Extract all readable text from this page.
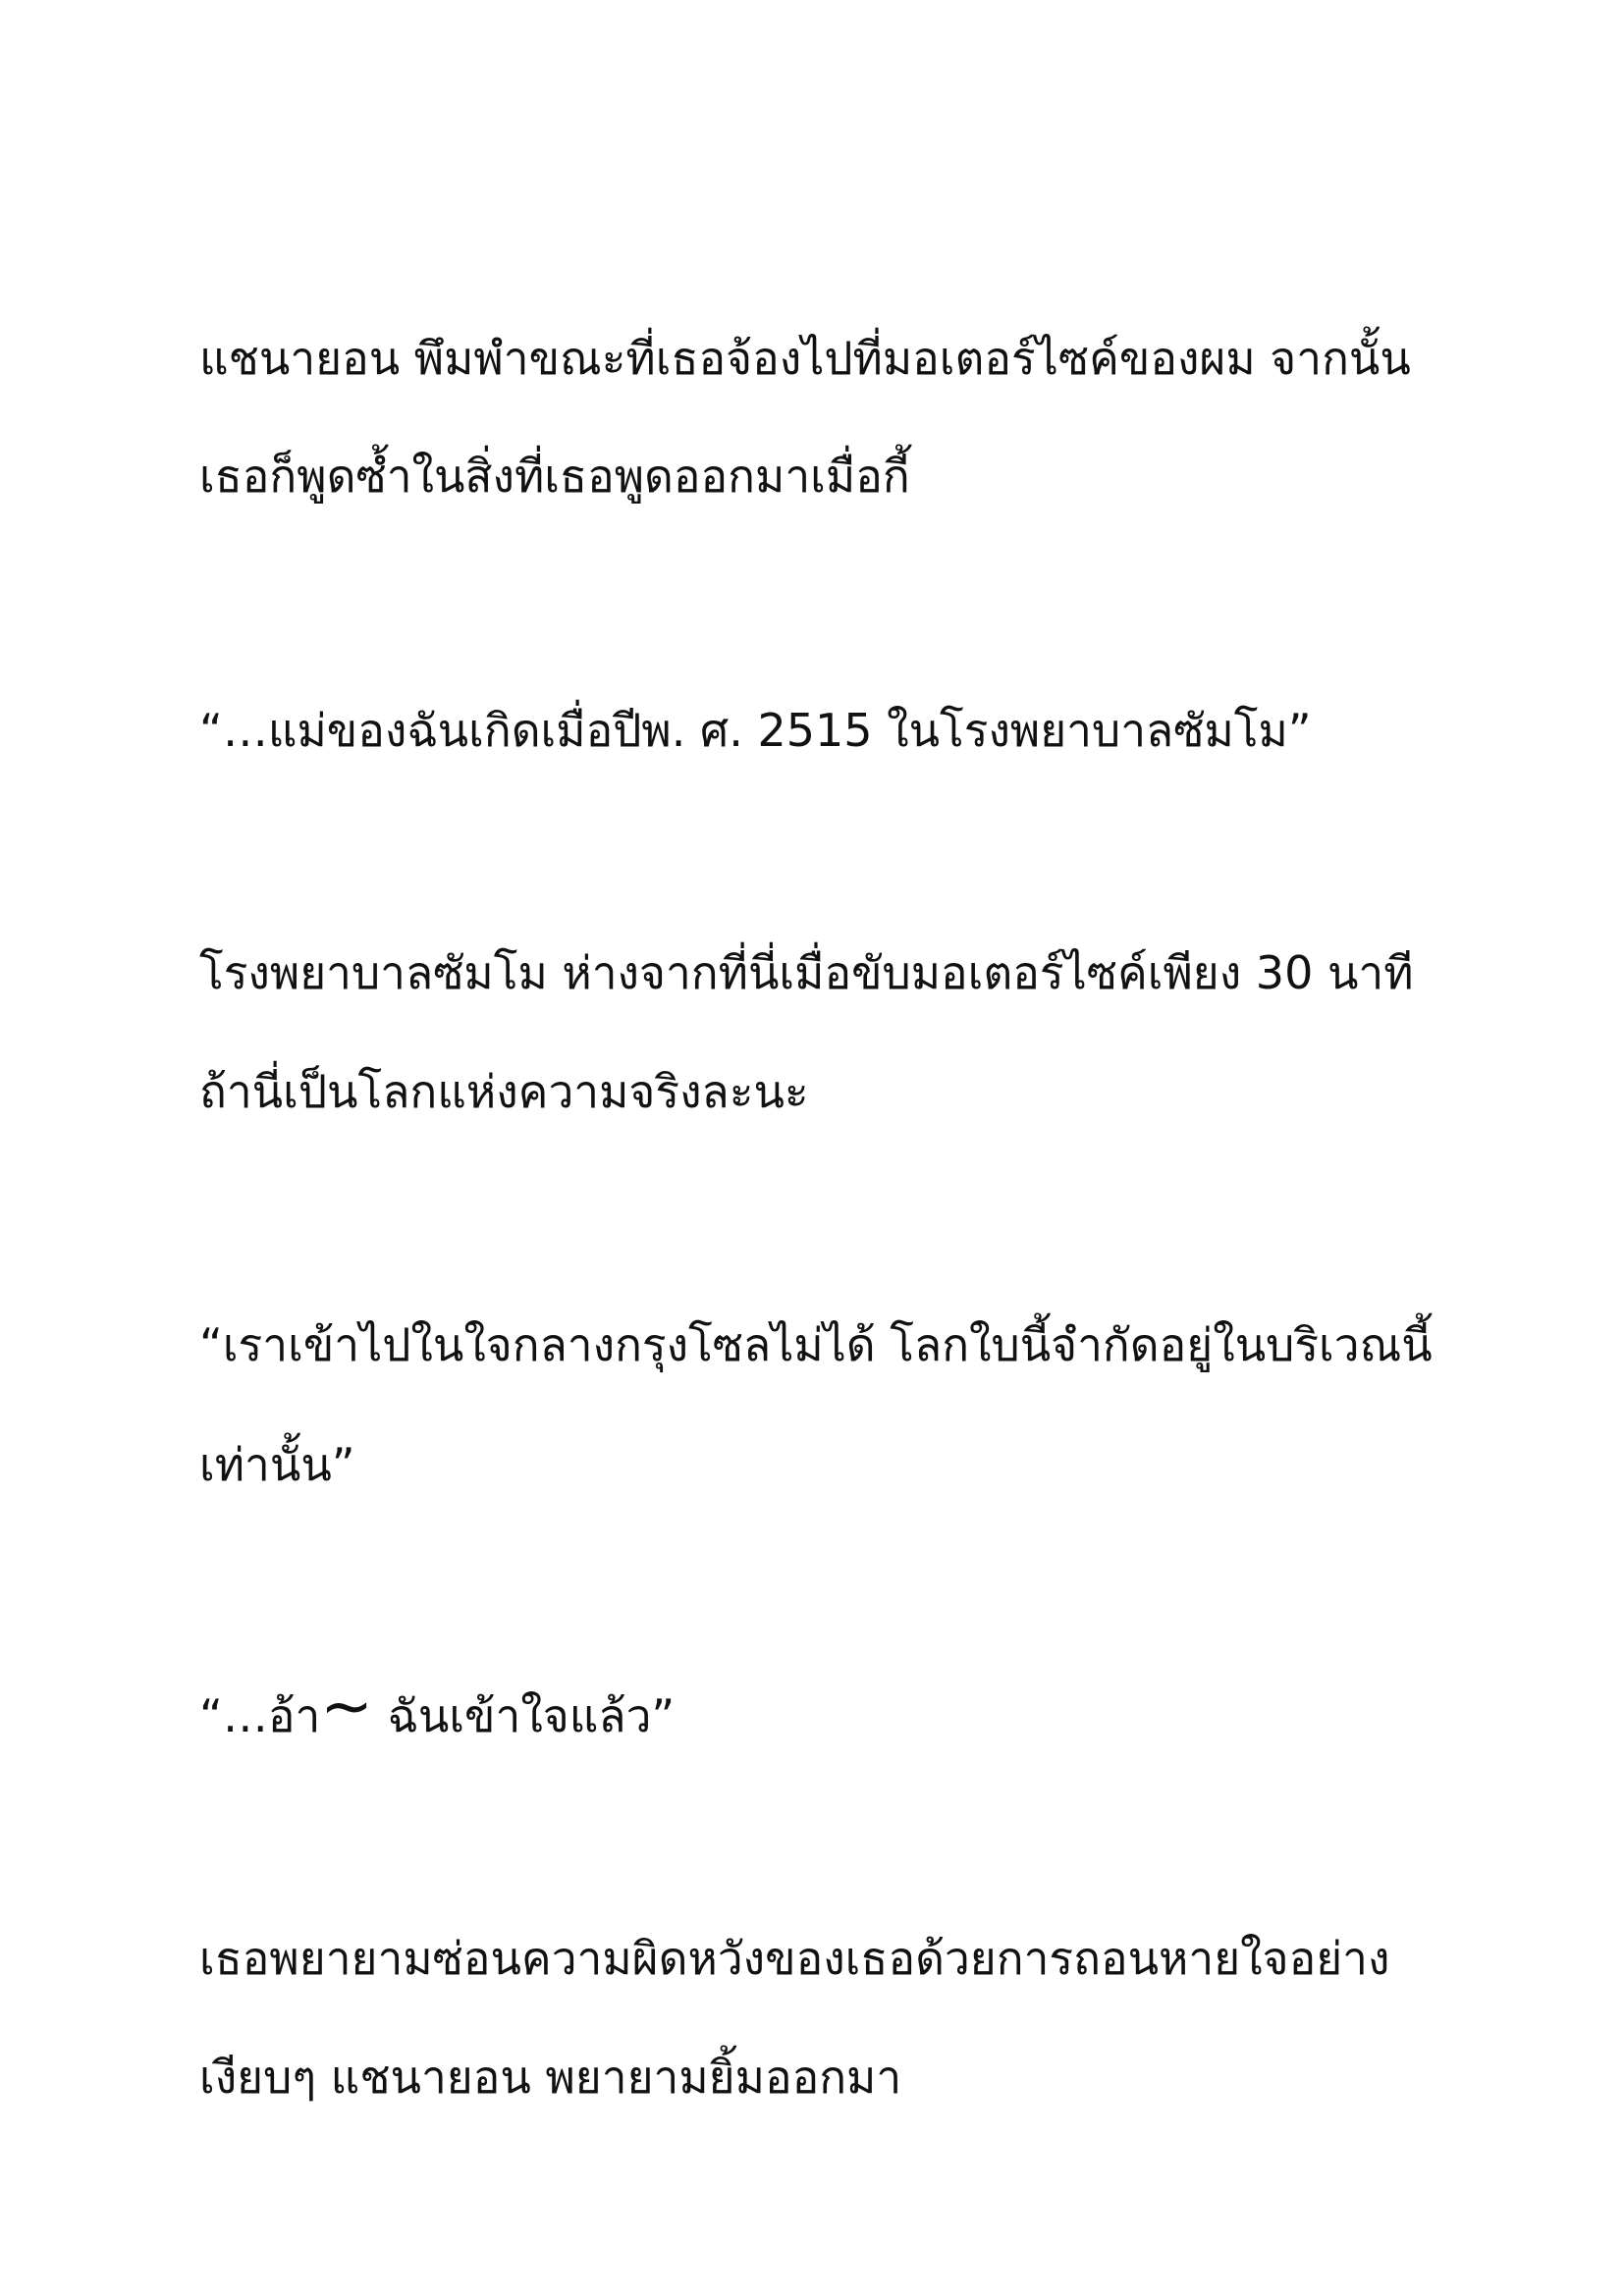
แชนายอน พึมพำขณะที่เธอจ้องไปที่มอเตอร์ไซค์ของผม จากนั้น

เธอก็พูดซ้ำในสิ่งที่เธอพูดออกมาเมื่อกี้

“…แม่ของฉันเกิดเมื่อปีพ. ศ. 2515 ในโรงพยาบาลซัมโม”

โรงพยาบาลซัมโม ห่างจากที่นี่เมื่อขับมอเตอร์ไซค์เพียง 30 นาที

ถ้านี่เป็นโลกแห่งความจริงละนะ

“เราเข้าไปในใจกลางกรุงโซลไม่ได้ โลกใบนี้จำกัดอยู่ในบริเวณนี้

เท่านั้น”

“…อ้า~ ฉันเข้าใจแล้ว”

เธอพยายามซ่อนความผิดหวังของเธอด้วยการถอนหายใจอย่าง

เงียบๆ แชนายอน พยายามยิ้มออกมา
